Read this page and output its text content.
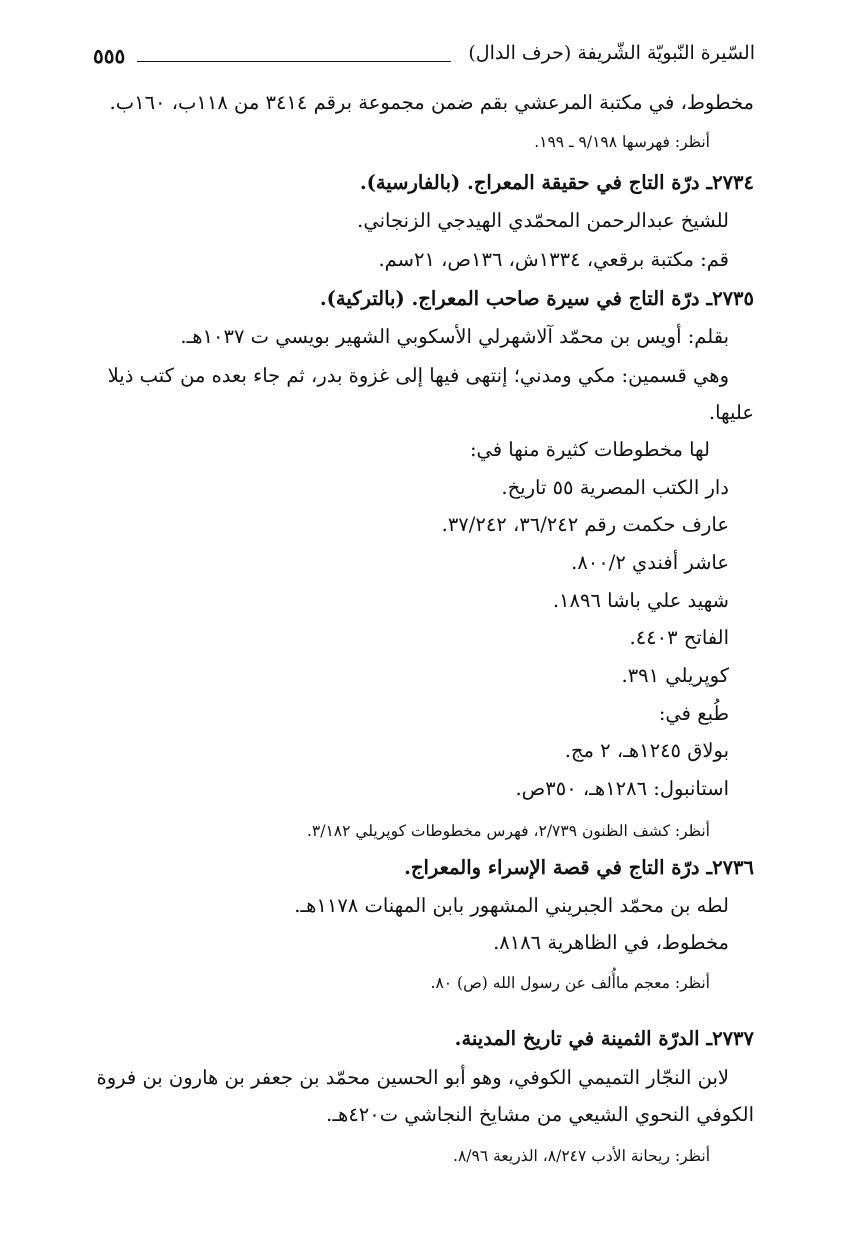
السّيرة النّبويّة الشّريفة (حرف الدال)
٥٥٥
مخطوط، في مكتبة المرعشي بقم ضمن مجموعة برقم ٣٤١٤ من ١١٨ب، ١٦٠ب.
أنظر: فهرسها ٩/١٩٨ ـ ١٩٩.
٢٧٣٤ـ درّة التاج في حقيقة المعراج. (بالفارسية).
للشيخ عبدالرحمن المحمّدي الهيدجي الزنجاني.
قم: مكتبة برقعي، ١٣٣٤ش، ١٣٦ص، ٢١سم.
٢٧٣٥ـ درّة التاج في سيرة صاحب المعراج. (بالتركية).
بقلم: أويس بن محمّد آلاشهرلي الأسكوبي الشهير بويسي ت ١٠٣٧هـ.
وهي قسمين: مكي ومدني؛ إنتهى فيها إلى غزوة بدر، ثم جاء بعده من كتب ذيلا
عليها.
لها مخطوطات كثيرة منها في:
دار الكتب المصرية ٥٥ تاريخ.
عارف حكمت رقم ٣٦/٢٤٢، ٣٧/٢٤٢.
عاشر أفندي ٨٠٠/٢.
شهيد علي باشا ١٨٩٦.
الفاتح ٤٤٠٣.
كوپريلي ٣٩١.
طُبع في:
بولاق ١٢٤٥هـ، ٢ مج.
استانبول: ١٢٨٦هـ، ٣٥٠ص.
أنظر: كشف الظنون ٢/٧٣٩، فهرس مخطوطات كوپريلي ٣/١٨٢.
٢٧٣٦ـ درّة التاج في قصة الإسراء والمعراج.
لطه بن محمّد الجبريني المشهور بابن المهنات ١١٧٨هـ.
مخطوط، في الظاهرية ٨١٨٦.
أنظر: معجم ماأُلف عن رسول الله (ص) ٨٠.
٢٧٣٧ـ الدرّة الثمينة في تاريخ المدينة.
لابن النجّار التميمي الكوفي، وهو أبو الحسين محمّد بن جعفر بن هارون بن فروة
الكوفي النحوي الشيعي من مشايخ النجاشي ت٤٢٠هـ.
أنظر: ريحانة الأدب ٨/٢٤٧، الذريعة ٨/٩٦.
